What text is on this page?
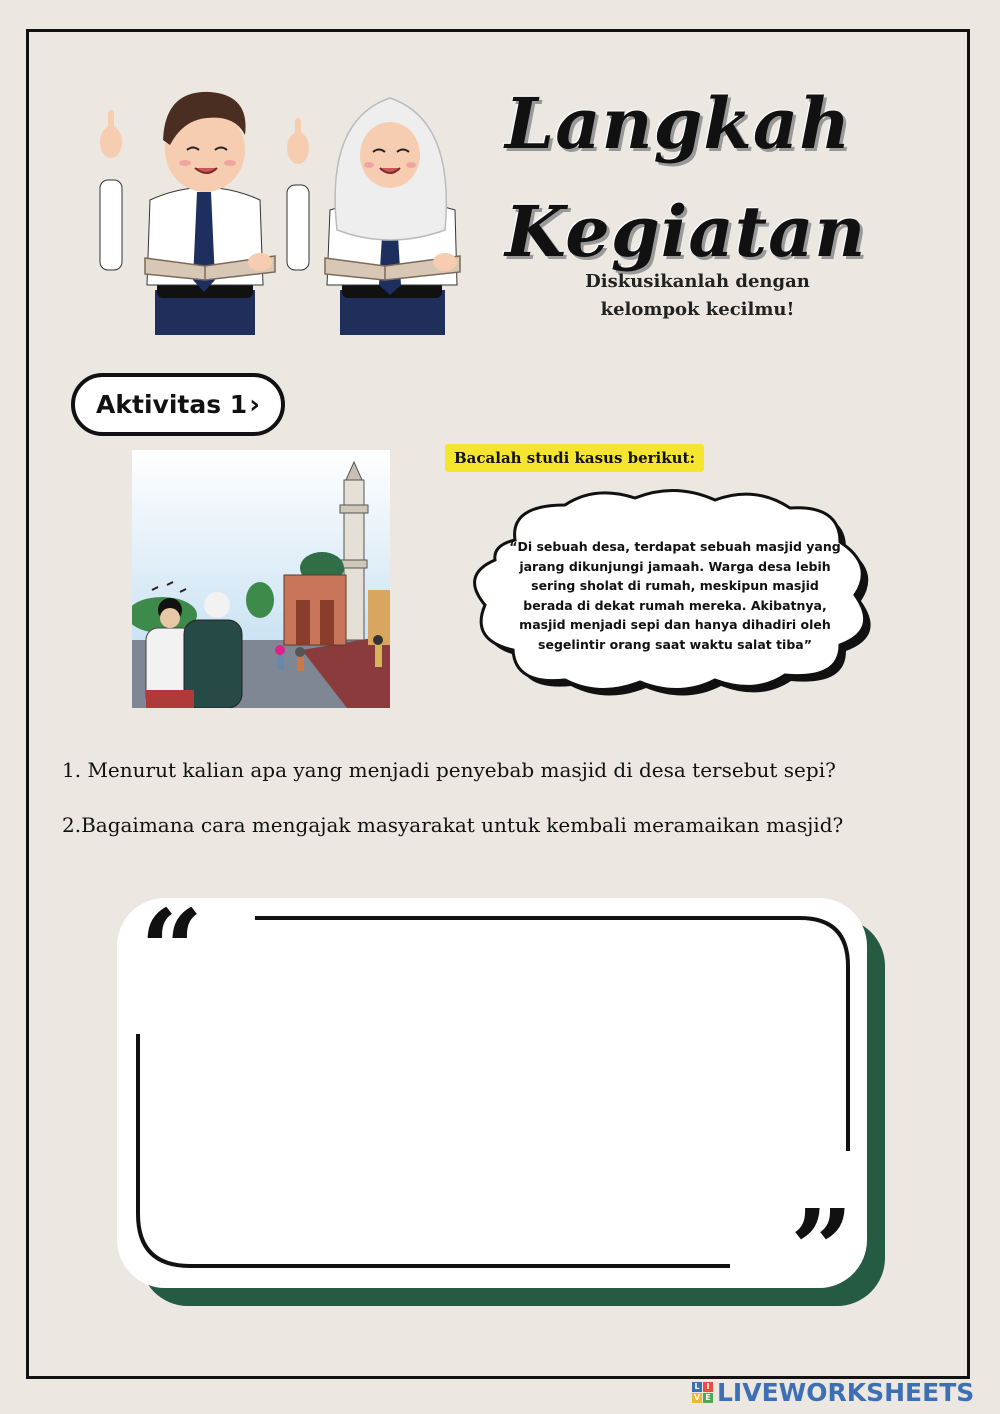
Langkah
Kegiatan
Diskusikanlah dengan
kelompok kecilmu!
Aktivitas 1 ›
Bacalah studi kasus berikut:
“Di sebuah desa, terdapat sebuah masjid yang
jarang dikunjungi jamaah. Warga desa lebih
sering sholat di rumah, meskipun masjid
berada di dekat rumah mereka. Akibatnya,
masjid menjadi sepi dan hanya dihadiri oleh
segelintir orang saat waktu salat tiba”
1. Menurut kalian apa yang menjadi penyebab masjid di desa tersebut sepi?
2.Bagaimana cara mengajak masyarakat untuk kembali meramaikan masjid?
“
”
L I
V E LIVEWORKSHEETS
